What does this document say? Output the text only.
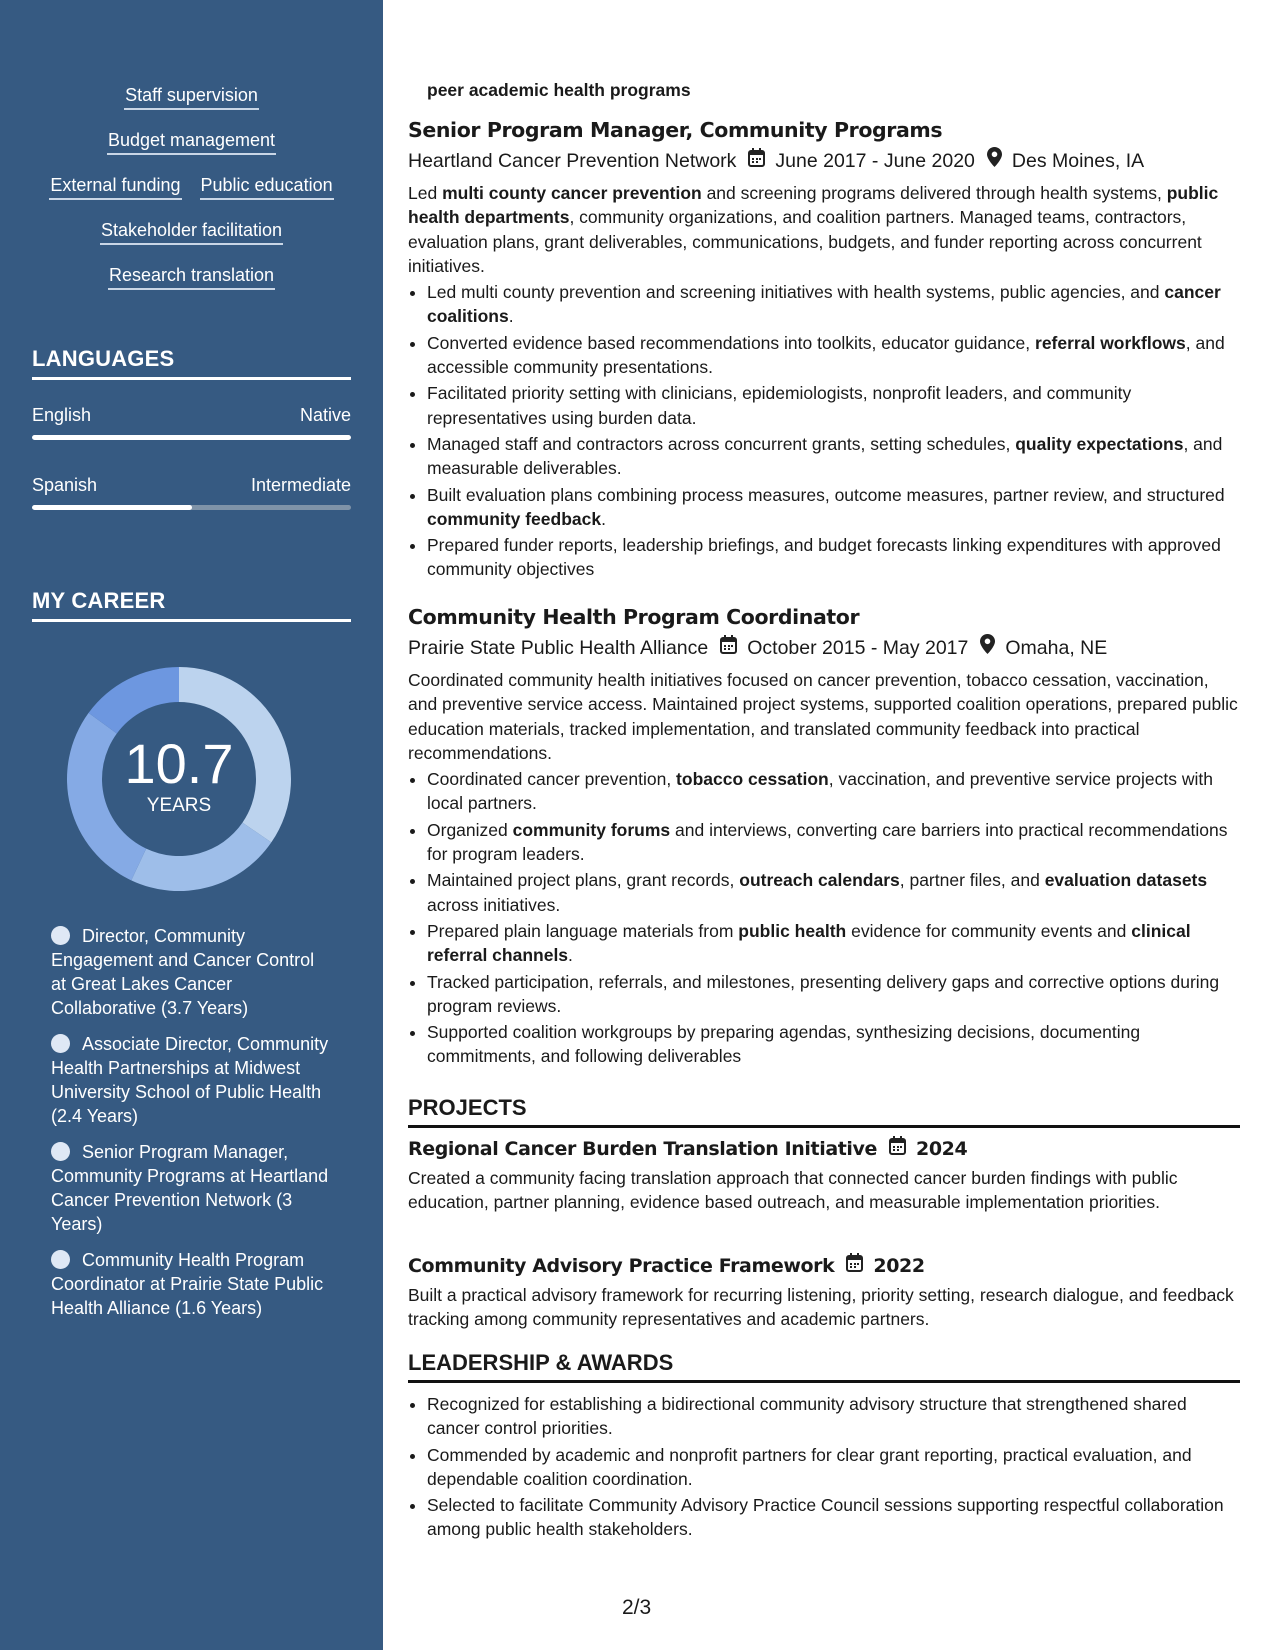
Staff supervision
Budget management
External funding Public education
Stakeholder facilitation
Research translation
LANGUAGES
English	Native
Spanish	Intermediate
MY CAREER
10.7
YEARS
Director, Community Engagement and Cancer Control at Great Lakes Cancer Collaborative (3.7 Years)
Associate Director, Community Health Partnerships at Midwest University School of Public Health (2.4 Years)
Senior Program Manager, Community Programs at Heartland Cancer Prevention Network (3 Years)
Community Health Program Coordinator at Prairie State Public Health Alliance (1.6 Years)
peer academic health programs
Senior Program Manager, Community Programs
Heartland Cancer Prevention Network June 2017 - June 2020 Des Moines, IA
Led multi county cancer prevention and screening programs delivered through health systems, public health departments, community organizations, and coalition partners. Managed teams, contractors, evaluation plans, grant deliverables, communications, budgets, and funder reporting across concurrent initiatives.
• Led multi county prevention and screening initiatives with health systems, public agencies, and cancer coalitions.
• Converted evidence based recommendations into toolkits, educator guidance, referral workflows, and accessible community presentations.
• Facilitated priority setting with clinicians, epidemiologists, nonprofit leaders, and community representatives using burden data.
• Managed staff and contractors across concurrent grants, setting schedules, quality expectations, and measurable deliverables.
• Built evaluation plans combining process measures, outcome measures, partner review, and structured community feedback.
• Prepared funder reports, leadership briefings, and budget forecasts linking expenditures with approved community objectives
Community Health Program Coordinator
Prairie State Public Health Alliance October 2015 - May 2017 Omaha, NE
Coordinated community health initiatives focused on cancer prevention, tobacco cessation, vaccination, and preventive service access. Maintained project systems, supported coalition operations, prepared public education materials, tracked implementation, and translated community feedback into practical recommendations.
• Coordinated cancer prevention, tobacco cessation, vaccination, and preventive service projects with local partners.
• Organized community forums and interviews, converting care barriers into practical recommendations for program leaders.
• Maintained project plans, grant records, outreach calendars, partner files, and evaluation datasets across initiatives.
• Prepared plain language materials from public health evidence for community events and clinical referral channels.
• Tracked participation, referrals, and milestones, presenting delivery gaps and corrective options during program reviews.
• Supported coalition workgroups by preparing agendas, synthesizing decisions, documenting commitments, and following deliverables
PROJECTS
Regional Cancer Burden Translation Initiative 2024
Created a community facing translation approach that connected cancer burden findings with public education, partner planning, evidence based outreach, and measurable implementation priorities.
Community Advisory Practice Framework 2022
Built a practical advisory framework for recurring listening, priority setting, research dialogue, and feedback tracking among community representatives and academic partners.
LEADERSHIP & AWARDS
• Recognized for establishing a bidirectional community advisory structure that strengthened shared cancer control priorities.
• Commended by academic and nonprofit partners for clear grant reporting, practical evaluation, and dependable coalition coordination.
• Selected to facilitate Community Advisory Practice Council sessions supporting respectful collaboration among public health stakeholders.
2/3
